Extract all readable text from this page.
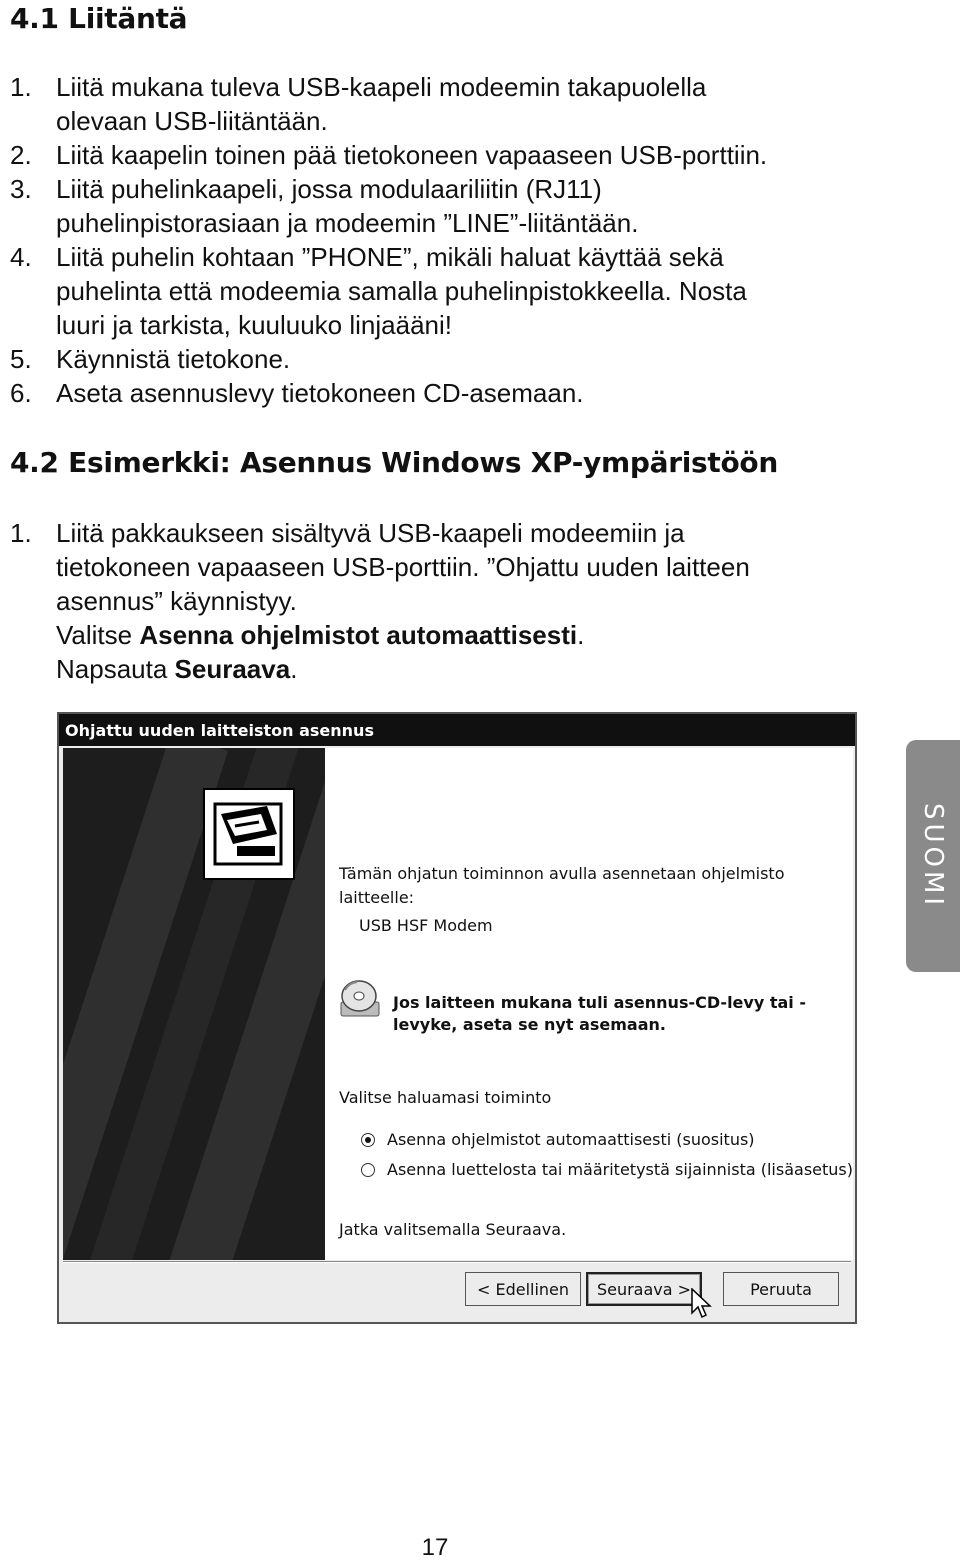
4.1 Liitäntä
1. Liitä mukana tuleva USB-kaapeli modeemin takapuolella
olevaan USB-liitäntään.
2. Liitä kaapelin toinen pää tietokoneen vapaaseen USB-porttiin.
3. Liitä puhelinkaapeli, jossa modulaariliitin (RJ11)
puhelinpistorasiaan ja modeemin ”LINE”-liitäntään.
4. Liitä puhelin kohtaan ”PHONE”, mikäli haluat käyttää sekä
puhelinta että modeemia samalla puhelinpistokkeella. Nosta
luuri ja tarkista, kuuluuko linjaääni!
5. Käynnistä tietokone.
6. Aseta asennuslevy tietokoneen CD-asemaan.
4.2 Esimerkki: Asennus Windows XP-ympäristöön
1. Liitä pakkaukseen sisältyvä USB-kaapeli modeemiin ja
tietokoneen vapaaseen USB-porttiin. ”Ohjattu uuden laitteen
asennus” käynnistyy.
Valitse Asenna ohjelmistot automaattisesti.
Napsauta Seuraava.
SUOMI
Ohjattu uuden laitteiston asennus
Tämän ohjatun toiminnon avulla asennetaan ohjelmisto laitteelle:
USB HSF Modem
Jos laitteen mukana tuli asennus-CD-levy tai -levyke, aseta se nyt asemaan.
Valitse haluamasi toiminto
Asenna ohjelmistot automaattisesti (suositus)
Asenna luettelosta tai määritetystä sijainnista (lisäasetus)
Jatka valitsemalla Seuraava.
< Edellinen	Seuraava >	Peruuta
17
